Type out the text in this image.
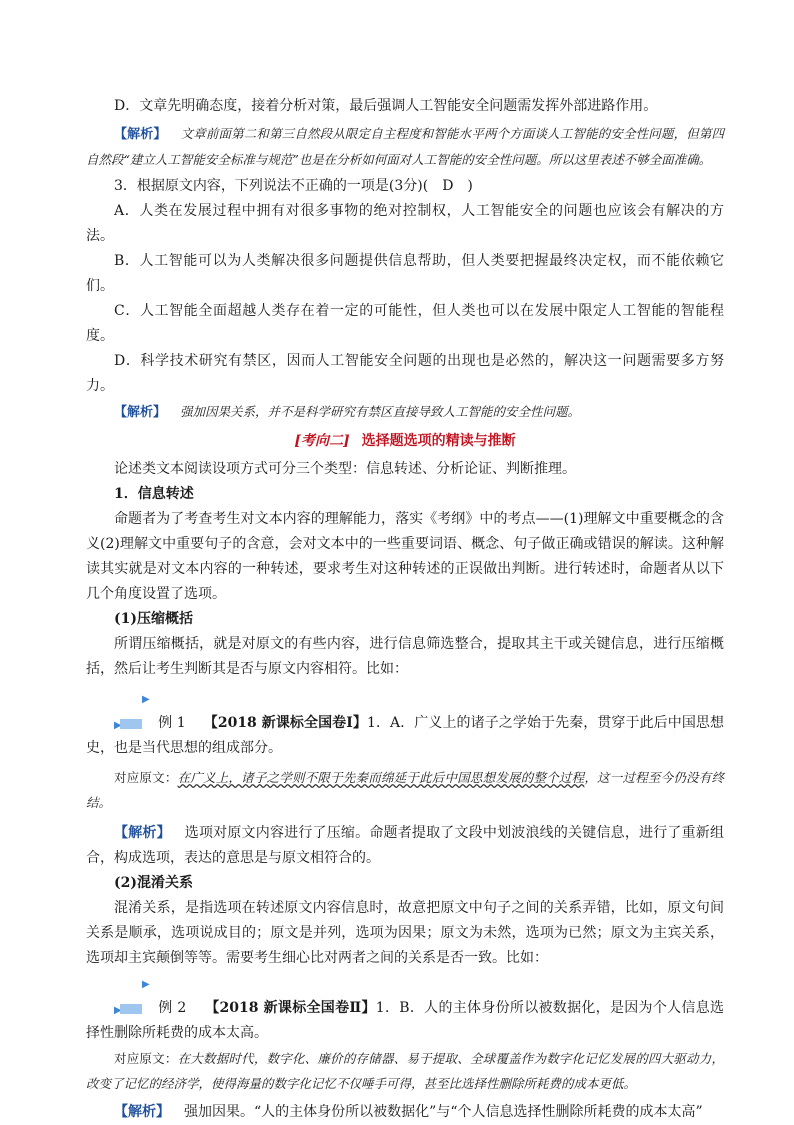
D．文章先明确态度，接着分析对策，最后强调人工智能安全问题需发挥外部进路作用。

【解析】 文章前面第二和第三自然段从限定自主程度和智能水平两个方面谈人工智能的安全性问题，但第四自然段“建立人工智能安全标准与规范”也是在分析如何面对人工智能的安全性问题。所以这里表述不够全面准确。

3．根据原文内容，下列说法不正确的一项是(3分)(　D　)

A．人类在发展过程中拥有对很多事物的绝对控制权，人工智能安全的问题也应该会有解决的方法。

B．人工智能可以为人类解决很多问题提供信息帮助，但人类要把握最终决定权，而不能依赖它们。

C．人工智能全面超越人类存在着一定的可能性，但人类也可以在发展中限定人工智能的智能程度。

D．科学技术研究有禁区，因而人工智能安全问题的出现也是必然的，解决这一问题需要多方努力。

【解析】 强加因果关系，并不是科学研究有禁区直接导致人工智能的安全性问题。

[考向二] 选择题选项的精读与推断

论述类文本阅读设项方式可分三个类型：信息转述、分析论证、判断推理。

1．信息转述

命题者为了考查考生对文本内容的理解能力，落实《考纲》中的考点——(1)理解文中重要概念的含义(2)理解文中重要句子的含意，会对文本中的一些重要词语、概念、句子做正确或错误的解读。这种解读其实就是对文本内容的一种转述，要求考生对这种转述的正误做出判断。进行转述时，命题者从以下几个角度设置了选项。

(1)压缩概括

所谓压缩概括，就是对原文的有些内容，进行信息筛选整合，提取其主干或关键信息，进行压缩概括，然后让考生判断其是否与原文内容相符。比如：

▶▶	例 1 【2018 新课标全国卷Ⅰ】1．A．广义上的诸子之学始于先秦，贯穿于此后中国思想史，也是当代思想的组成部分。

对应原文：在广义上，诸子之学则不限于先秦而绵延于此后中国思想发展的整个过程，这一过程至今仍没有终结。

【解析】 选项对原文内容进行了压缩。命题者提取了文段中划波浪线的关键信息，进行了重新组合，构成选项，表达的意思是与原文相符合的。

(2)混淆关系

混淆关系，是指选项在转述原文内容信息时，故意把原文中句子之间的关系弄错，比如，原文句间关系是顺承，选项说成目的；原文是并列，选项为因果；原文为未然，选项为已然；原文为主宾关系，选项却主宾颠倒等等。需要考生细心比对两者之间的关系是否一致。比如：

▶▶	例 2 【2018 新课标全国卷Ⅱ】1．B．人的主体身份所以被数据化，是因为个人信息选择性删除所耗费的成本太高。

对应原文：在大数据时代，数字化、廉价的存储器、易于提取、全球覆盖作为数字化记忆发展的四大驱动力，改变了记忆的经济学，使得海量的数字化记忆不仅唾手可得，甚至比选择性删除所耗费的成本更低。

【解析】 强加因果。“人的主体身份所以被数据化”与“个人信息选择性删除所耗费的成本太高”
